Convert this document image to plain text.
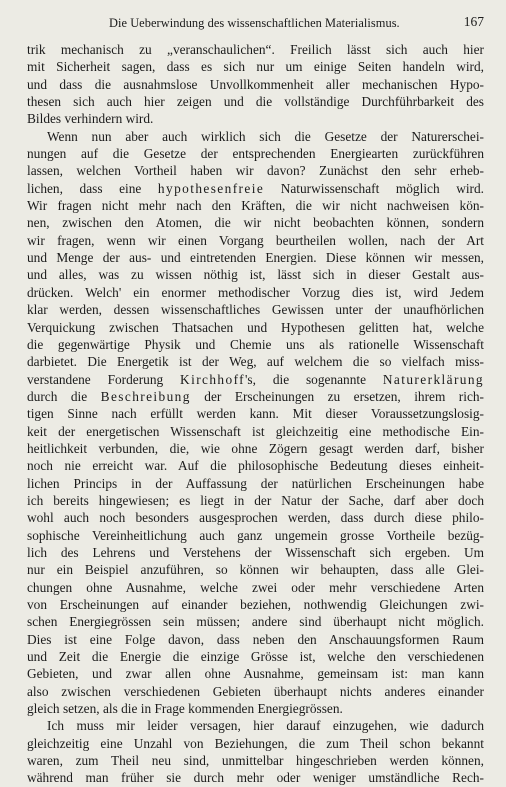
Die Ueberwindung des wissenschaftlichen Materialismus.	167

trik mechanisch zu „veranschaulichen“. Freilich lässt sich auch hier

mit Sicherheit sagen, dass es sich nur um einige Seiten handeln wird,

und dass die ausnahmslose Unvollkommenheit aller mechanischen Hypo-

thesen sich auch hier zeigen und die vollständige Durchführbarkeit des

Bildes verhindern wird.

Wenn nun aber auch wirklich sich die Gesetze der Naturerschei-

nungen auf die Gesetze der entsprechenden Energiearten zurückführen

lassen, welchen Vortheil haben wir davon? Zunächst den sehr erheb-

lichen, dass eine hypothesenfreie Naturwissenschaft möglich wird.

Wir fragen nicht mehr nach den Kräften, die wir nicht nachweisen kön-

nen, zwischen den Atomen, die wir nicht beobachten können, sondern

wir fragen, wenn wir einen Vorgang beurtheilen wollen, nach der Art

und Menge der aus- und eintretenden Energien. Diese können wir messen,

und alles, was zu wissen nöthig ist, lässt sich in dieser Gestalt aus-

drücken. Welch' ein enormer methodischer Vorzug dies ist, wird Jedem

klar werden, dessen wissenschaftliches Gewissen unter der unaufhörlichen

Verquickung zwischen Thatsachen und Hypothesen gelitten hat, welche

die gegenwärtige Physik und Chemie uns als rationelle Wissenschaft

darbietet. Die Energetik ist der Weg, auf welchem die so vielfach miss-

verstandene Forderung Kirchhoff's, die sogenannte Naturerklärung

durch die Beschreibung der Erscheinungen zu ersetzen, ihrem rich-

tigen Sinne nach erfüllt werden kann. Mit dieser Voraussetzungslosig-

keit der energetischen Wissenschaft ist gleichzeitig eine methodische Ein-

heitlichkeit verbunden, die, wie ohne Zögern gesagt werden darf, bisher

noch nie erreicht war. Auf die philosophische Bedeutung dieses einheit-

lichen Princips in der Auffassung der natürlichen Erscheinungen habe

ich bereits hingewiesen; es liegt in der Natur der Sache, darf aber doch

wohl auch noch besonders ausgesprochen werden, dass durch diese philo-

sophische Vereinheitlichung auch ganz ungemein grosse Vortheile bezüg-

lich des Lehrens und Verstehens der Wissenschaft sich ergeben. Um

nur ein Beispiel anzuführen, so können wir behaupten, dass alle Glei-

chungen ohne Ausnahme, welche zwei oder mehr verschiedene Arten

von Erscheinungen auf einander beziehen, nothwendig Gleichungen zwi-

schen Energiegrössen sein müssen; andere sind überhaupt nicht möglich.

Dies ist eine Folge davon, dass neben den Anschauungsformen Raum

und Zeit die Energie die einzige Grösse ist, welche den verschiedenen

Gebieten, und zwar allen ohne Ausnahme, gemeinsam ist: man kann

also zwischen verschiedenen Gebieten überhaupt nichts anderes einander

gleich setzen, als die in Frage kommenden Energiegrössen.

Ich muss mir leider versagen, hier darauf einzugehen, wie dadurch

gleichzeitig eine Unzahl von Beziehungen, die zum Theil schon bekannt

waren, zum Theil neu sind, unmittelbar hingeschrieben werden können,

während man früher sie durch mehr oder weniger umständliche Rech-
